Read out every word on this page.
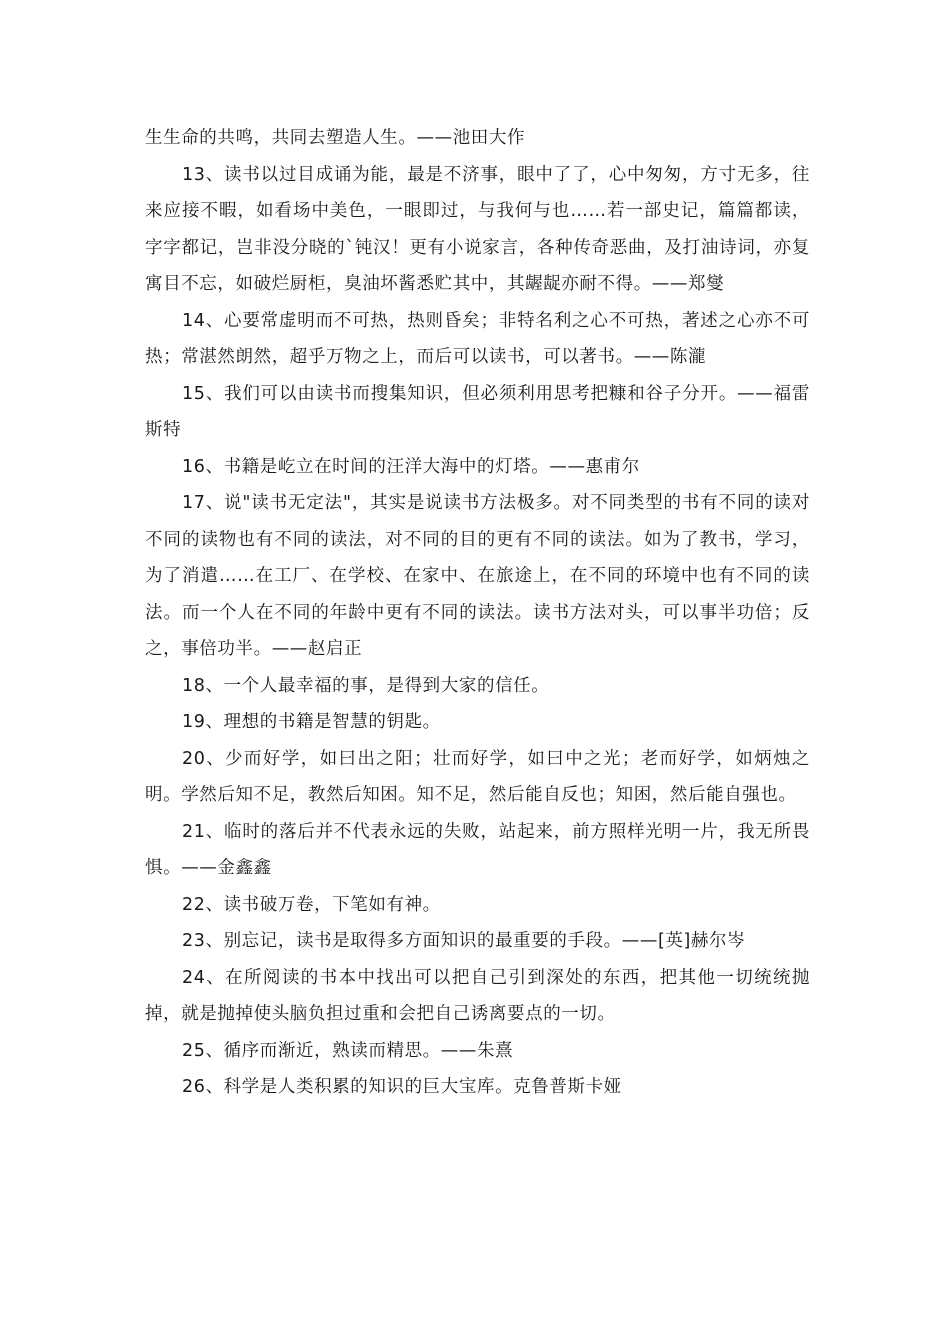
生生命的共鸣，共同去塑造人生。——池田大作

13、读书以过目成诵为能，最是不济事，眼中了了，心中匆匆，方寸无多，往来应接不暇，如看场中美色，一眼即过，与我何与也……若一部史记，篇篇都读，字字都记，岂非没分晓的`钝汉！更有小说家言，各种传奇恶曲，及打油诗词，亦复寓目不忘，如破烂厨柜，臭油坏酱悉贮其中，其龌龊亦耐不得。——郑燮

14、心要常虚明而不可热，热则昏矣；非特名利之心不可热，著述之心亦不可热；常湛然朗然，超乎万物之上，而后可以读书，可以著书。——陈瀧

15、我们可以由读书而搜集知识，但必须利用思考把糠和谷子分开。——福雷斯特

16、书籍是屹立在时间的汪洋大海中的灯塔。——惠甫尔

17、说"读书无定法"，其实是说读书方法极多。对不同类型的书有不同的读对不同的读物也有不同的读法，对不同的目的更有不同的读法。如为了教书，学习，为了消遣……在工厂、在学校、在家中、在旅途上，在不同的环境中也有不同的读法。而一个人在不同的年龄中更有不同的读法。读书方法对头，可以事半功倍；反之，事倍功半。——赵启正

18、一个人最幸福的事，是得到大家的信任。

19、理想的书籍是智慧的钥匙。

20、少而好学，如曰出之阳；壮而好学，如曰中之光；老而好学，如炳烛之明。学然后知不足，教然后知困。知不足，然后能自反也；知困，然后能自强也。

21、临时的落后并不代表永远的失败，站起来，前方照样光明一片，我无所畏惧。——金鑫鑫

22、读书破万卷，下笔如有神。

23、别忘记，读书是取得多方面知识的最重要的手段。——[英]赫尔岑

24、在所阅读的书本中找出可以把自己引到深处的东西，把其他一切统统抛掉，就是抛掉使头脑负担过重和会把自己诱离要点的一切。

25、循序而渐近，熟读而精思。——朱熹

26、科学是人类积累的知识的巨大宝库。克鲁普斯卡娅
